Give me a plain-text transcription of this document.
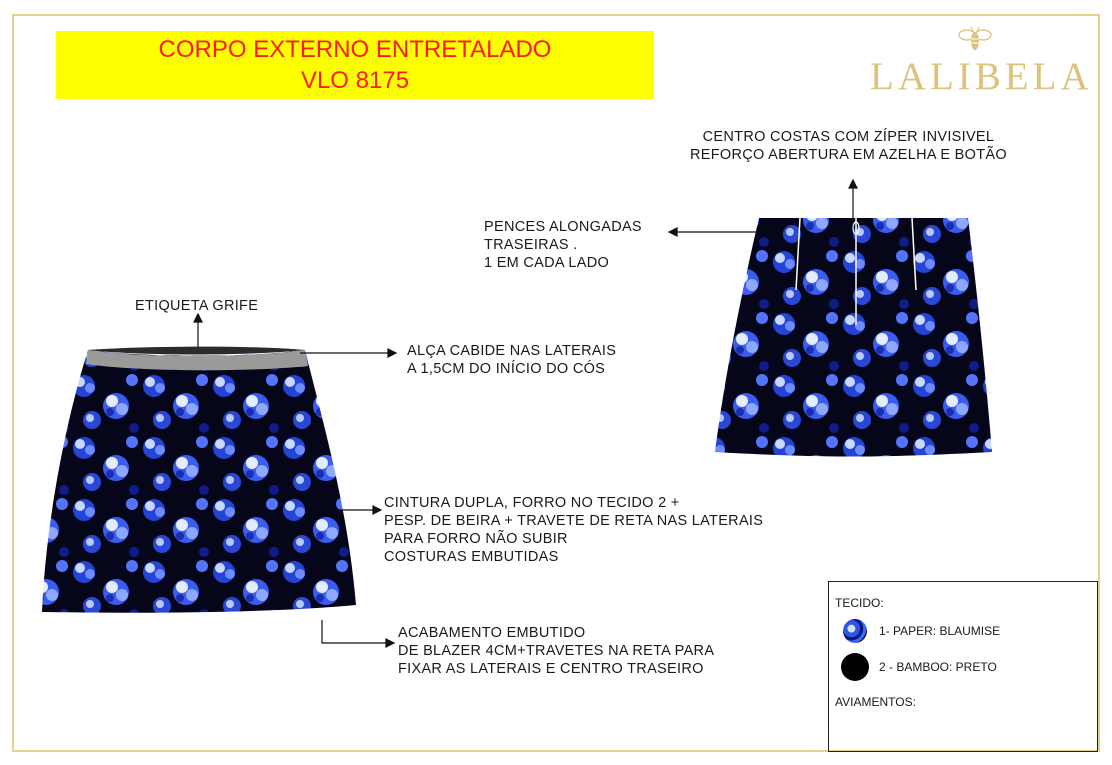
CORPO EXTERNO ENTRETALADO
VLO 8175	LALIBELA
ETIQUETA GRIFE
ALÇA CABIDE NAS LATERAIS
A 1,5CM DO INÍCIO DO CÓS
CINTURA DUPLA, FORRO NO TECIDO 2 +
PESP. DE BEIRA + TRAVETE DE RETA NAS LATERAIS
PARA FORRO NÃO SUBIR
COSTURAS EMBUTIDAS
ACABAMENTO EMBUTIDO
DE BLAZER 4CM+TRAVETES NA RETA PARA
FIXAR AS LATERAIS E CENTRO TRASEIRO
CENTRO COSTAS COM ZÍPER INVISIVEL
REFORÇO ABERTURA EM AZELHA E BOTÃO
PENCES ALONGADAS
TRASEIRAS .
1 EM CADA LADO
TECIDO:
1- PAPER: BLAUMISE
2 - BAMBOO: PRETO
AVIAMENTOS:
